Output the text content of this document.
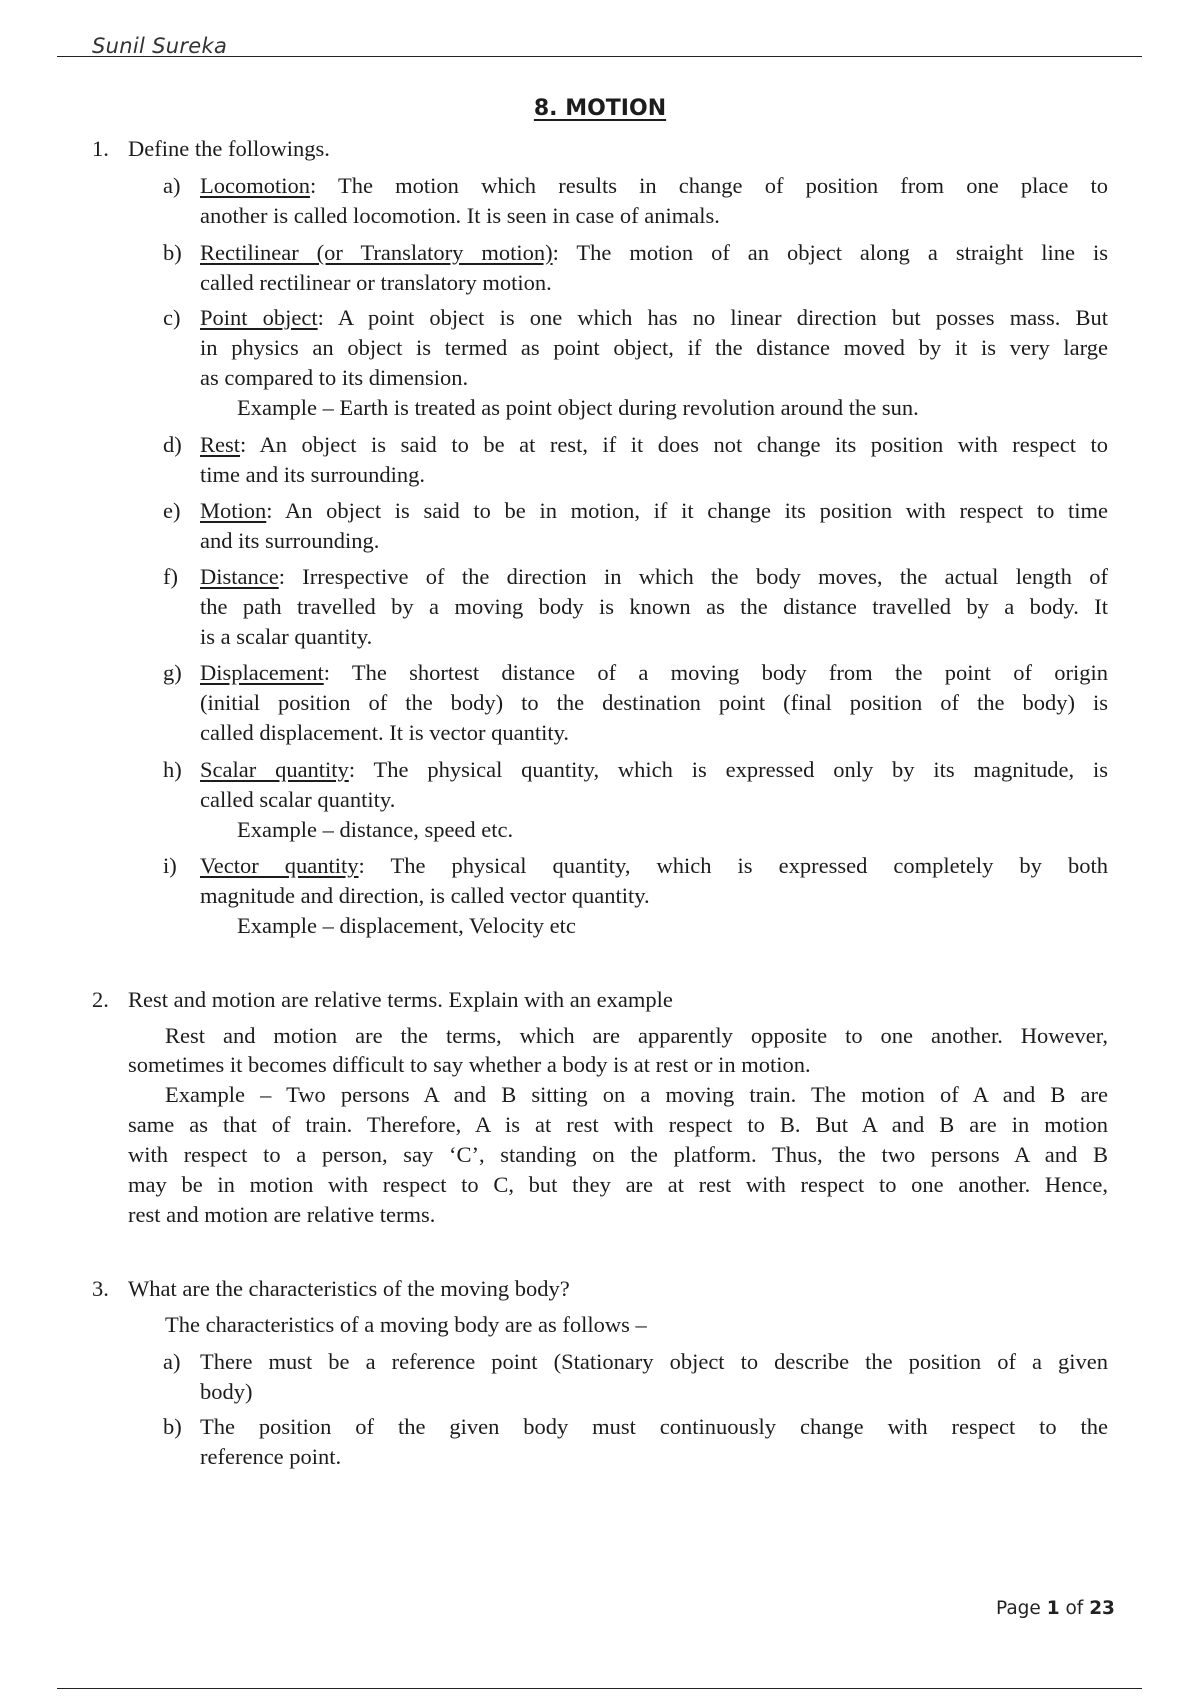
Sunil Sureka
8. MOTION
1. Define the followings.
a) Locomotion: The motion which results in change of position from one place to
another is called locomotion. It is seen in case of animals.
b) Rectilinear (or Translatory motion): The motion of an object along a straight line is
called rectilinear or translatory motion.
c) Point object: A point object is one which has no linear direction but posses mass. But
in physics an object is termed as point object, if the distance moved by it is very large
as compared to its dimension.
Example – Earth is treated as point object during revolution around the sun.
d) Rest: An object is said to be at rest, if it does not change its position with respect to
time and its surrounding.
e) Motion: An object is said to be in motion, if it change its position with respect to time
and its surrounding.
f) Distance: Irrespective of the direction in which the body moves, the actual length of
the path travelled by a moving body is known as the distance travelled by a body. It
is a scalar quantity.
g) Displacement: The shortest distance of a moving body from the point of origin
(initial position of the body) to the destination point (final position of the body) is
called displacement. It is vector quantity.
h) Scalar quantity: The physical quantity, which is expressed only by its magnitude, is
called scalar quantity.
Example – distance, speed etc.
i) Vector quantity: The physical quantity, which is expressed completely by both
magnitude and direction, is called vector quantity.
Example – displacement, Velocity etc
2. Rest and motion are relative terms. Explain with an example
Rest and motion are the terms, which are apparently opposite to one another. However,
sometimes it becomes difficult to say whether a body is at rest or in motion.
Example – Two persons A and B sitting on a moving train. The motion of A and B are
same as that of train. Therefore, A is at rest with respect to B. But A and B are in motion
with respect to a person, say ‘C’, standing on the platform. Thus, the two persons A and B
may be in motion with respect to C, but they are at rest with respect to one another. Hence,
rest and motion are relative terms.
3. What are the characteristics of the moving body?
The characteristics of a moving body are as follows –
a) There must be a reference point (Stationary object to describe the position of a given
body)
b) The position of the given body must continuously change with respect to the
reference point.
Page 1 of 23
